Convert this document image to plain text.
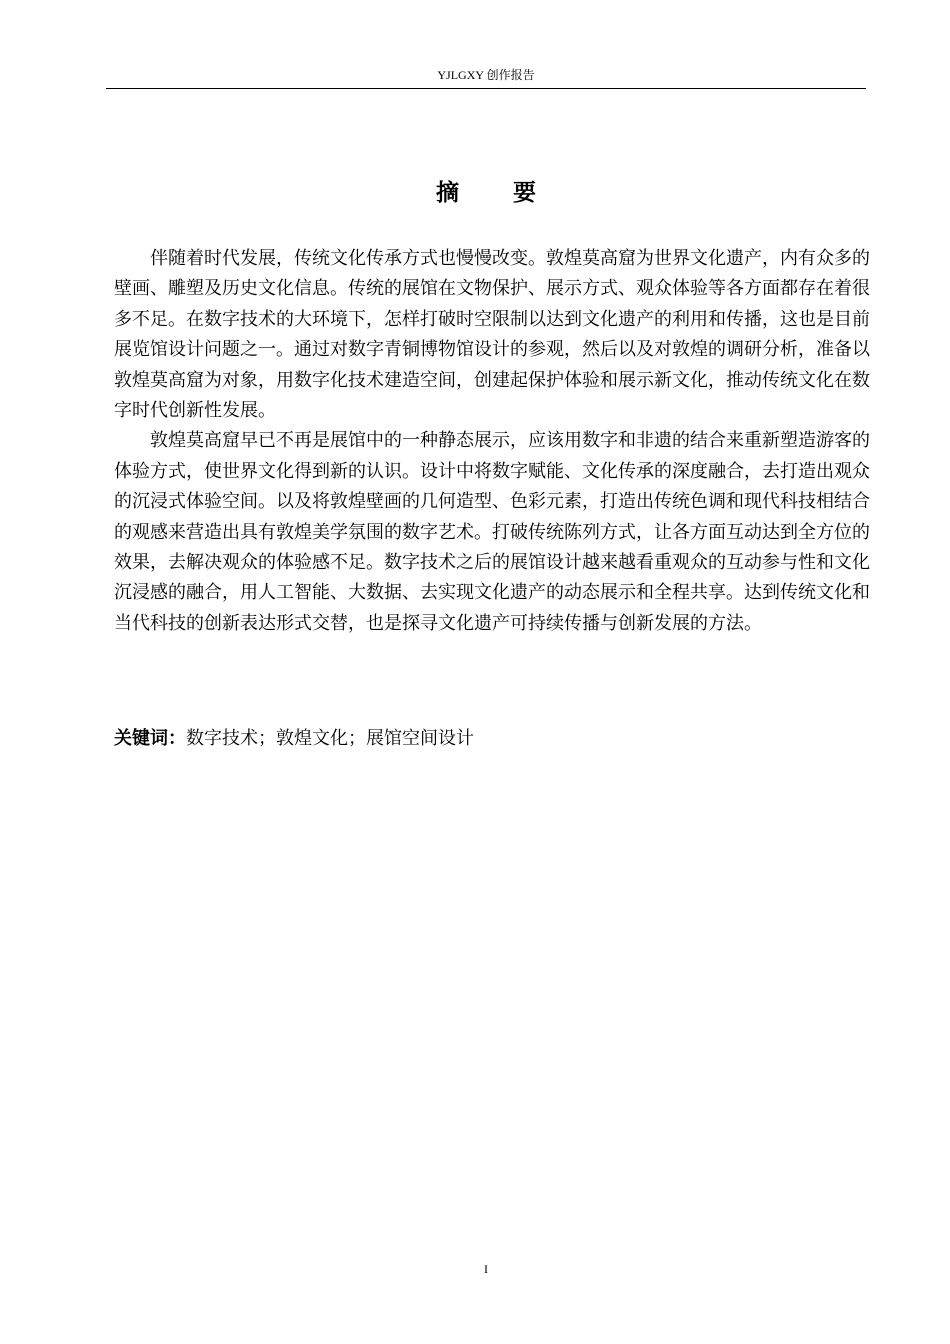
YJLGXY 创作报告
摘要

伴随着时代发展，传统文化传承方式也慢慢改变。敦煌莫高窟为世界文化遗产，内有众多的壁画、雕塑及历史文化信息。传统的展馆在文物保护、展示方式、观众体验等各方面都存在着很多不足。在数字技术的大环境下，怎样打破时空限制以达到文化遗产的利用和传播，这也是目前展览馆设计问题之一。通过对数字青铜博物馆设计的参观，然后以及对敦煌的调研分析，准备以敦煌莫高窟为对象，用数字化技术建造空间，创建起保护体验和展示新文化，推动传统文化在数字时代创新性发展。

敦煌莫高窟早已不再是展馆中的一种静态展示，应该用数字和非遗的结合来重新塑造游客的体验方式，使世界文化得到新的认识。设计中将数字赋能、文化传承的深度融合，去打造出观众的沉浸式体验空间。以及将敦煌壁画的几何造型、色彩元素，打造出传统色调和现代科技相结合的观感来营造出具有敦煌美学氛围的数字艺术。打破传统陈列方式，让各方面互动达到全方位的效果，去解决观众的体验感不足。数字技术之后的展馆设计越来越看重观众的互动参与性和文化沉浸感的融合，用人工智能、大数据、去实现文化遗产的动态展示和全程共享。达到传统文化和当代科技的创新表达形式交替，也是探寻文化遗产可持续传播与创新发展的方法。

关键词：数字技术；敦煌文化；展馆空间设计
I
